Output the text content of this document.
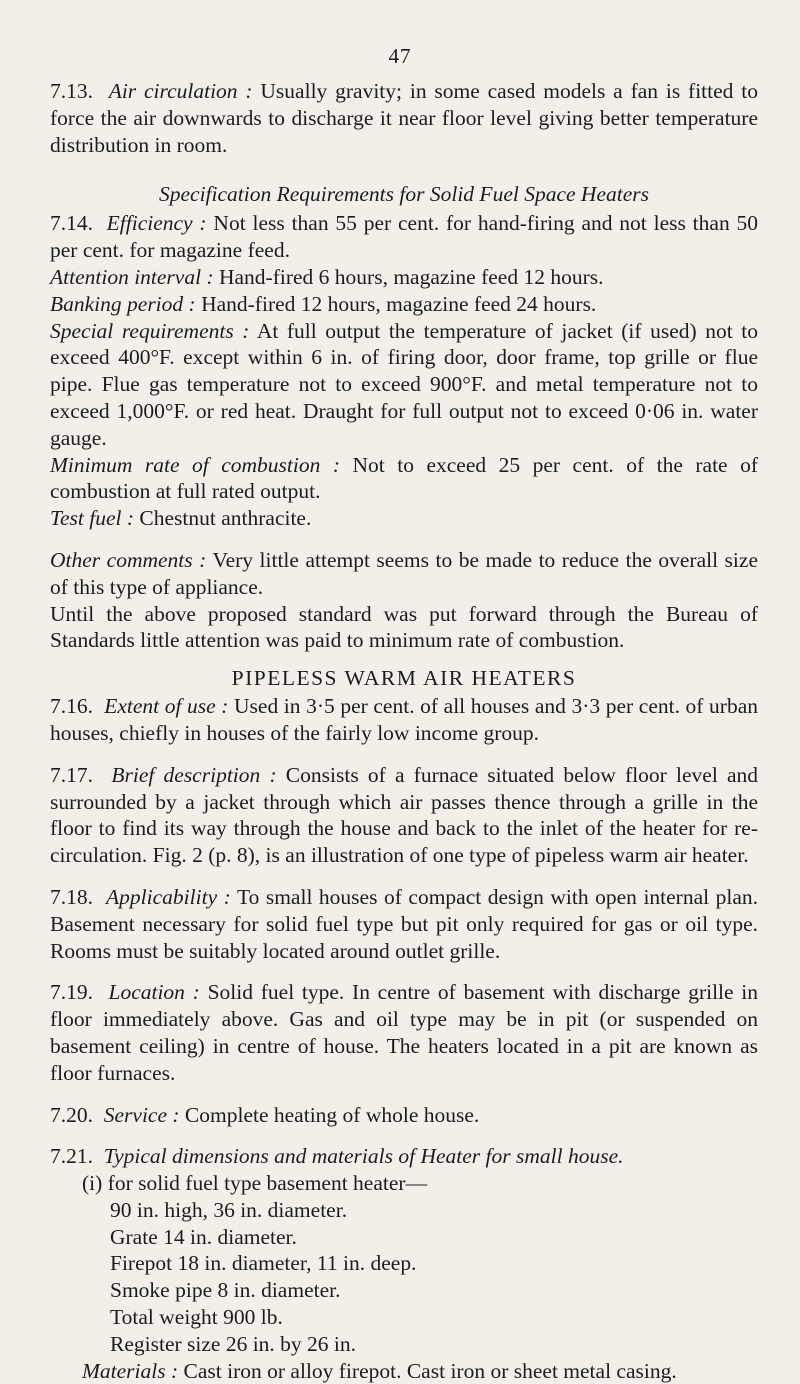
47

7.13. Air circulation : Usually gravity; in some cased models a fan is fitted to force the air downwards to discharge it near floor level giving better temperature distribution in room.

Specification Requirements for Solid Fuel Space Heaters

7.14. Efficiency : Not less than 55 per cent. for hand-firing and not less than 50 per cent. for magazine feed.

Attention interval : Hand-fired 6 hours, magazine feed 12 hours.

Banking period : Hand-fired 12 hours, magazine feed 24 hours.

Special requirements : At full output the temperature of jacket (if used) not to exceed 400°F. except within 6 in. of firing door, door frame, top grille or flue pipe. Flue gas temperature not to exceed 900°F. and metal temperature not to exceed 1,000°F. or red heat. Draught for full output not to exceed 0·06 in. water gauge.

Minimum rate of combustion : Not to exceed 25 per cent. of the rate of combustion at full rated output.

Test fuel : Chestnut anthracite.

Other comments : Very little attempt seems to be made to reduce the overall size of this type of appliance.

Until the above proposed standard was put forward through the Bureau of Standards little attention was paid to minimum rate of combustion.

PIPELESS WARM AIR HEATERS

7.16. Extent of use : Used in 3·5 per cent. of all houses and 3·3 per cent. of urban houses, chiefly in houses of the fairly low income group.

7.17. Brief description : Consists of a furnace situated below floor level and surrounded by a jacket through which air passes thence through a grille in the floor to find its way through the house and back to the inlet of the heater for re-circulation. Fig. 2 (p. 8), is an illustration of one type of pipeless warm air heater.

7.18. Applicability : To small houses of compact design with open internal plan. Basement necessary for solid fuel type but pit only required for gas or oil type. Rooms must be suitably located around outlet grille.

7.19. Location : Solid fuel type. In centre of basement with discharge grille in floor immediately above. Gas and oil type may be in pit (or suspended on basement ceiling) in centre of house. The heaters located in a pit are known as floor furnaces.

7.20. Service : Complete heating of whole house.

7.21. Typical dimensions and materials of Heater for small house.

(i) for solid fuel type basement heater—

90 in. high, 36 in. diameter.

Grate 14 in. diameter.

Firepot 18 in. diameter, 11 in. deep.

Smoke pipe 8 in. diameter.

Total weight 900 lb.

Register size 26 in. by 26 in.

Materials : Cast iron or alloy firepot. Cast iron or sheet metal casing.
